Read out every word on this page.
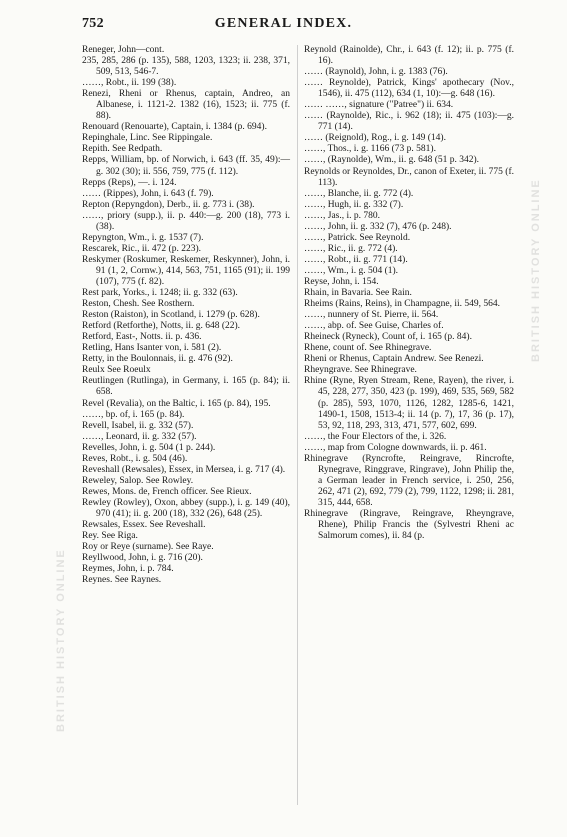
752	GENERAL INDEX.

Reneger, John—cont.

235, 285, 286 (p. 135), 588, 1203, 1323; ii. 238, 371, 509, 513, 546-7.

……, Robt., ii. 199 (38).

Renezi, Rheni or Rhenus, captain, Andreo, an Albanese, i. 1121-2. 1382 (16), 1523; ii. 775 (f. 88).

Renouard (Renouarte), Captain, i. 1384 (p. 694).

Repinghale, Linc. See Rippingale.

Repith. See Redpath.

Repps, William, bp. of Norwich, i. 643 (ff. 35, 49):—g. 302 (30); ii. 556, 759, 775 (f. 112).

Repps (Reps), —. i. 124.

…… (Rippes), John, i. 643 (f. 79).

Repton (Repyngdon), Derb., ii. g. 773 i. (38).

……, priory (supp.), ii. p. 440:—g. 200 (18), 773 i. (38).

Repyngton, Wm., i. g. 1537 (7).

Rescarek, Ric., ii. 472 (p. 223).

Reskymer (Roskumer, Reskemer, Reskynner), John, i. 91 (1, 2, Cornw.), 414, 563, 751, 1165 (91); ii. 199 (107), 775 (f. 82).

Rest park, Yorks., i. 1248; ii. g. 332 (63).

Reston, Chesh. See Rosthern.

Reston (Raiston), in Scotland, i. 1279 (p. 628).

Retford (Retforthe), Notts, ii. g. 648 (22).

Retford, East-, Notts. ii. p. 436.

Retling, Hans Isanter von, i. 581 (2).

Retty, in the Boulonnais, ii. g. 476 (92).

Reulx See Roeulx

Reutlingen (Rutlinga), in Germany, i. 165 (p. 84); ii. 658.

Revel (Revalia), on the Baltic, i. 165 (p. 84), 195.

……, bp. of, i. 165 (p. 84).

Revell, Isabel, ii. g. 332 (57).

……, Leonard, ii. g. 332 (57).

Revelles, John, i. g. 504 (1 p. 244).

Reves, Robt., i. g. 504 (46).

Reveshall (Rewsales), Essex, in Mersea, i. g. 717 (4).

Reweley, Salop. See Rowley.

Rewes, Mons. de, French officer. See Rieux.

Rewley (Rowley), Oxon, abbey (supp.), i. g. 149 (40), 970 (41); ii. g. 200 (18), 332 (26), 648 (25).

Rewsales, Essex. See Reveshall.

Rey. See Riga.

Roy or Reye (surname). See Raye.

Reyllwood, John, i. g. 716 (20).

Reymes, John, i. p. 784.

Reynes. See Raynes.

Reynold (Rainolde), Chr., i. 643 (f. 12); ii. p. 775 (f. 16).

…… (Raynold), John, i. g. 1383 (76).

…… Reynolde), Patrick, Kings' apothecary (Nov., 1546), ii. 475 (112), 634 (1, 10):—g. 648 (16).

…… ……, signature ("Patree") ii. 634.

…… (Raynolde), Ric., i. 962 (18); ii. 475 (103):—g. 771 (14).

…… (Reignold), Rog., i. g. 149 (14).

……, Thos., i. g. 1166 (73 p. 581).

……, (Raynolde), Wm., ii. g. 648 (51 p. 342).

Reynolds or Reynoldes, Dr., canon of Exeter, ii. 775 (f. 113).

……, Blanche, ii. g. 772 (4).

……, Hugh, ii. g. 332 (7).

……, Jas., i. p. 780.

……, John, ii. g. 332 (7), 476 (p. 248).

……, Patrick. See Reynold.

……, Ric., ii. g. 772 (4).

……, Robt., ii. g. 771 (14).

……, Wm., i. g. 504 (1).

Reyse, John, i. 154.

Rhain, in Bavaria. See Rain.

Rheims (Rains, Reins), in Champagne, ii. 549, 564.

……, nunnery of St. Pierre, ii. 564.

……, abp. of. See Guise, Charles of.

Rheineck (Ryneck), Count of, i. 165 (p. 84).

Rhene, count of. See Rhinegrave.

Rheni or Rhenus, Captain Andrew. See Renezi.

Rheyngrave. See Rhinegrave.

Rhine (Ryne, Ryen Stream, Rene, Rayen), the river, i. 45, 228, 277, 350, 423 (p. 199), 469, 535, 569, 582 (p. 285), 593, 1070, 1126, 1282, 1285-6, 1421, 1490-1, 1508, 1513-4; ii. 14 (p. 7), 17, 36 (p. 17), 53, 92, 118, 293, 313, 471, 577, 602, 699.

……, the Four Electors of the, i. 326.

……, map from Cologne downwards, ii. p. 461.

Rhinegrave (Ryncrofte, Reingrave, Rincrofte, Rynegrave, Ringgrave, Ringrave), John Philip the, a German leader in French service, i. 250, 256, 262, 471 (2), 692, 779 (2), 799, 1122, 1298; ii. 281, 315, 444, 658.

Rhinegrave (Ringrave, Reingrave, Rheyngrave, Rhene), Philip Francis the (Sylvestri Rheni ac Salmorum comes), ii. 84 (p.

BRITISH HISTORY ONLINE
BRITISH HISTORY ONLINE
